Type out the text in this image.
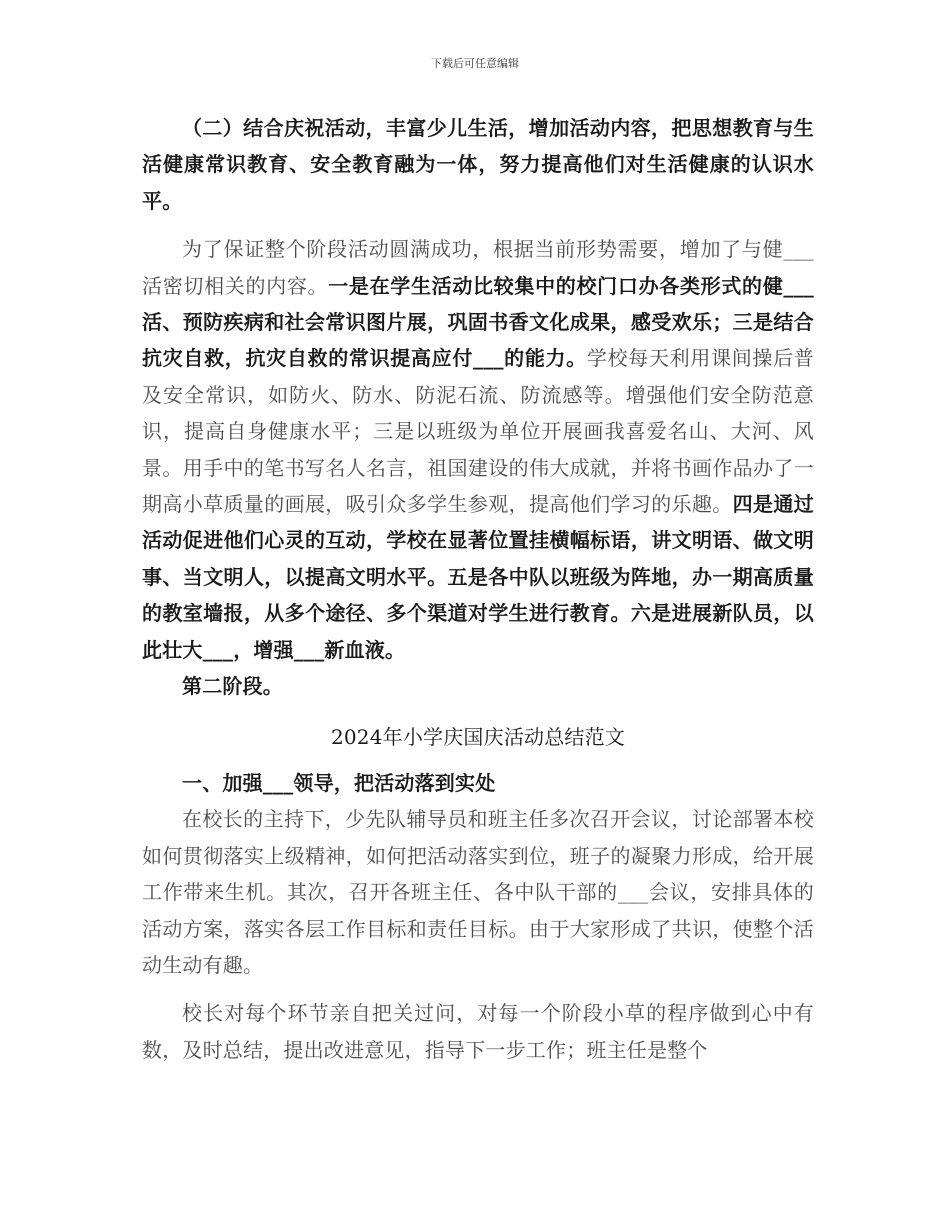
下载后可任意编辑

（二）结合庆祝活动，丰富少儿生活，增加活动内容，把思想教育与生活健康常识教育、安全教育融为一体，努力提高他们对生活健康的认识水平。

为了保证整个阶段活动圆满成功，根据当前形势需要，增加了与健___活密切相关的内容。一是在学生活动比较集中的校门口办各类形式的健___活、预防疾病和社会常识图片展，巩固书香文化成果，感受欢乐；三是结合抗灾自救，抗灾自救的常识提高应付___的能力。学校每天利用课间操后普及安全常识，如防火、防水、防泥石流、防流感等。增强他们安全防范意识，提高自身健康水平；三是以班级为单位开展画我喜爱名山、大河、风景。用手中的笔书写名人名言，祖国建设的伟大成就，并将书画作品办了一期高小草质量的画展，吸引众多学生参观，提高他们学习的乐趣。四是通过活动促进他们心灵的互动，学校在显著位置挂横幅标语，讲文明语、做文明事、当文明人，以提高文明水平。五是各中队以班级为阵地，办一期高质量的教室墙报，从多个途径、多个渠道对学生进行教育。六是进展新队员，以此壮大___，增强___新血液。

第二阶段。

2024年小学庆国庆活动总结范文

一、加强___领导，把活动落到实处

在校长的主持下，少先队辅导员和班主任多次召开会议，讨论部署本校如何贯彻落实上级精神，如何把活动落实到位，班子的凝聚力形成，给开展工作带来生机。其次，召开各班主任、各中队干部的___会议，安排具体的活动方案，落实各层工作目标和责任目标。由于大家形成了共识，使整个活动生动有趣。

校长对每个环节亲自把关过问，对每一个阶段小草的程序做到心中有数，及时总结，提出改进意见，指导下一步工作；班主任是整个
